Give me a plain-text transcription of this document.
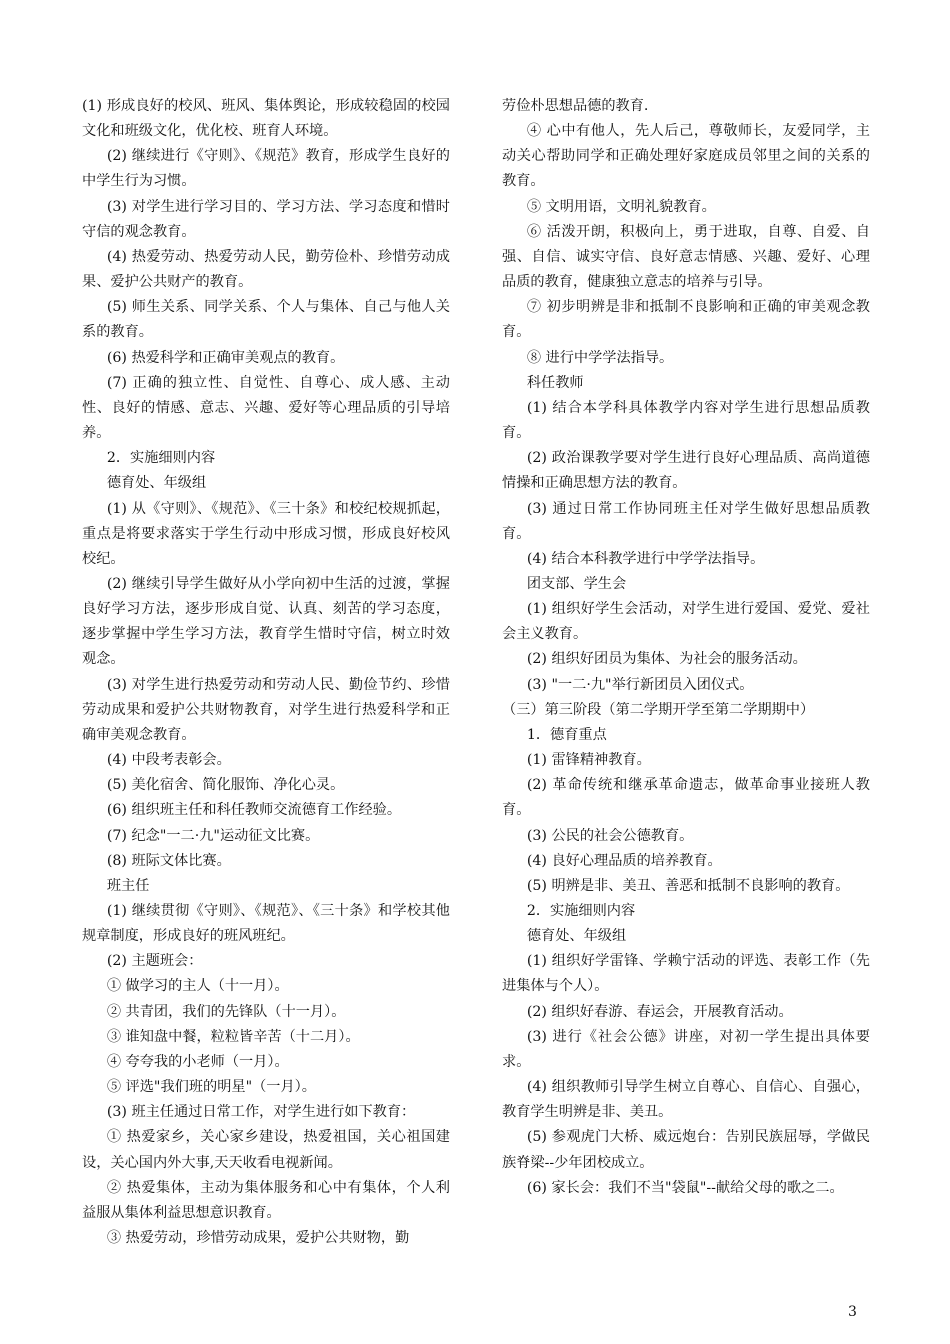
(1) 形成良好的校风、班风、集体舆论，形成较稳固的校园文化和班级文化，优化校、班育人环境。

(2) 继续进行《守则》、《规范》教育，形成学生良好的中学生行为习惯。

(3) 对学生进行学习目的、学习方法、学习态度和惜时守信的观念教育。

(4) 热爱劳动、热爱劳动人民，勤劳俭朴、珍惜劳动成果、爱护公共财产的教育。

(5) 师生关系、同学关系、个人与集体、自己与他人关系的教育。

(6) 热爱科学和正确审美观点的教育。

(7) 正确的独立性、自觉性、自尊心、成人感、主动性、良好的情感、意志、兴趣、爱好等心理品质的引导培养。

2．实施细则内容

德育处、年级组

(1) 从《守则》、《规范》、《三十条》和校纪校规抓起，重点是将要求落实于学生行动中形成习惯，形成良好校风校纪。

(2) 继续引导学生做好从小学向初中生活的过渡，掌握良好学习方法，逐步形成自觉、认真、刻苦的学习态度，逐步掌握中学生学习方法，教育学生惜时守信，树立时效观念。

(3) 对学生进行热爱劳动和劳动人民、勤俭节约、珍惜劳动成果和爱护公共财物教育，对学生进行热爱科学和正确审美观念教育。

(4) 中段考表彰会。

(5) 美化宿舍、简化服饰、净化心灵。

(6) 组织班主任和科任教师交流德育工作经验。

(7) 纪念"一二·九"运动征文比赛。

(8) 班际文体比赛。

班主任

(1) 继续贯彻《守则》、《规范》、《三十条》和学校其他规章制度，形成良好的班风班纪。

(2) 主题班会：

① 做学习的主人（十一月）。

② 共青团，我们的先锋队（十一月）。

③ 谁知盘中餐，粒粒皆辛苦（十二月）。

④ 夸夸我的小老师（一月）。

⑤ 评选"我们班的明星"（一月）。

(3) 班主任通过日常工作，对学生进行如下教育：

① 热爱家乡，关心家乡建设，热爱祖国，关心祖国建设，关心国内外大事,天天收看电视新闻。

② 热爱集体，主动为集体服务和心中有集体，个人利益服从集体利益思想意识教育。

③ 热爱劳动，珍惜劳动成果，爱护公共财物，勤

劳俭朴思想品德的教育.

④ 心中有他人，先人后己，尊敬师长，友爱同学，主动关心帮助同学和正确处理好家庭成员邻里之间的关系的教育。

⑤ 文明用语，文明礼貌教育。

⑥ 活泼开朗，积极向上，勇于进取，自尊、自爱、自强、自信、诚实守信、良好意志情感、兴趣、爱好、心理品质的教育，健康独立意志的培养与引导。

⑦ 初步明辨是非和抵制不良影响和正确的审美观念教育。

⑧ 进行中学学法指导。

科任教师

(1) 结合本学科具体教学内容对学生进行思想品质教育。

(2) 政治课教学要对学生进行良好心理品质、高尚道德情操和正确思想方法的教育。

(3) 通过日常工作协同班主任对学生做好思想品质教育。

(4) 结合本科教学进行中学学法指导。

团支部、学生会

(1) 组织好学生会活动，对学生进行爱国、爱党、爱社会主义教育。

(2) 组织好团员为集体、为社会的服务活动。

(3) "一二·九"举行新团员入团仪式。

（三）第三阶段（第二学期开学至第二学期期中）

1．德育重点

(1) 雷锋精神教育。

(2) 革命传统和继承革命遗志，做革命事业接班人教育。

(3) 公民的社会公德教育。

(4) 良好心理品质的培养教育。

(5) 明辨是非、美丑、善恶和抵制不良影响的教育。

2．实施细则内容

德育处、年级组

(1) 组织好学雷锋、学赖宁活动的评选、表彰工作（先进集体与个人）。

(2) 组织好春游、春运会，开展教育活动。

(3) 进行《社会公德》讲座，对初一学生提出具体要求。

(4) 组织教师引导学生树立自尊心、自信心、自强心，教育学生明辨是非、美丑。

(5) 参观虎门大桥、威远炮台：告别民族屈辱，学做民族脊梁--少年团校成立。

(6) 家长会：我们不当"袋鼠"--献给父母的歌之二。

3
